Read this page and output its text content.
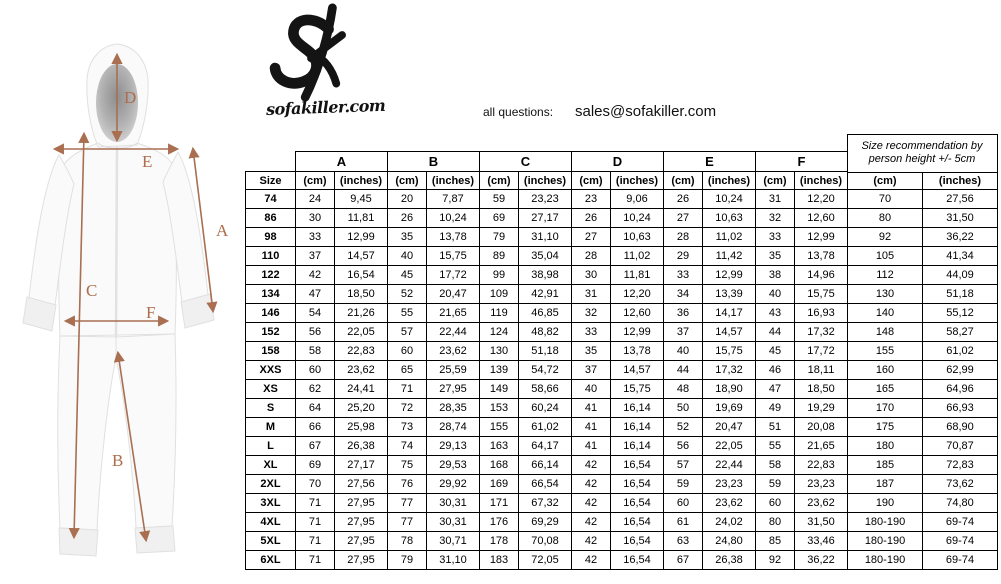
D
E
A
C
F
B
sofakiller.com	all questions: sales@sofakiller.com
	A		B		C		D		E		F			
Size	(cm)	(inches)	(cm)	(inches)	(cm)	(inches)	(cm)	(inches)	(cm)	(inches)	(cm)	(inches)	(cm)	(inches)
74	24	9,45	20	7,87	59	23,23	23	9,06	26	10,24	31	12,20	70	27,56
86	30	11,81	26	10,24	69	27,17	26	10,24	27	10,63	32	12,60	80	31,50
98	33	12,99	35	13,78	79	31,10	27	10,63	28	11,02	33	12,99	92	36,22
110	37	14,57	40	15,75	89	35,04	28	11,02	29	11,42	35	13,78	105	41,34
122	42	16,54	45	17,72	99	38,98	30	11,81	33	12,99	38	14,96	112	44,09
134	47	18,50	52	20,47	109	42,91	31	12,20	34	13,39	40	15,75	130	51,18
146	54	21,26	55	21,65	119	46,85	32	12,60	36	14,17	43	16,93	140	55,12
152	56	22,05	57	22,44	124	48,82	33	12,99	37	14,57	44	17,32	148	58,27
158	58	22,83	60	23,62	130	51,18	35	13,78	40	15,75	45	17,72	155	61,02
XXS	60	23,62	65	25,59	139	54,72	37	14,57	44	17,32	46	18,11	160	62,99
XS	62	24,41	71	27,95	149	58,66	40	15,75	48	18,90	47	18,50	165	64,96
S	64	25,20	72	28,35	153	60,24	41	16,14	50	19,69	49	19,29	170	66,93
M	66	25,98	73	28,74	155	61,02	41	16,14	52	20,47	51	20,08	175	68,90
L	67	26,38	74	29,13	163	64,17	41	16,14	56	22,05	55	21,65	180	70,87
XL	69	27,17	75	29,53	168	66,14	42	16,54	57	22,44	58	22,83	185	72,83
2XL	70	27,56	76	29,92	169	66,54	42	16,54	59	23,23	59	23,23	187	73,62
3XL	71	27,95	77	30,31	171	67,32	42	16,54	60	23,62	60	23,62	190	74,80
4XL	71	27,95	77	30,31	176	69,29	42	16,54	61	24,02	80	31,50	180-190	69-74
5XL	71	27,95	78	30,71	178	70,08	42	16,54	63	24,80	85	33,46	180-190	69-74
6XL	71	27,95	79	31,10	183	72,05	42	16,54	67	26,38	92	36,22	180-190	69-74
Size recommendation by
person height +/- 5cm
